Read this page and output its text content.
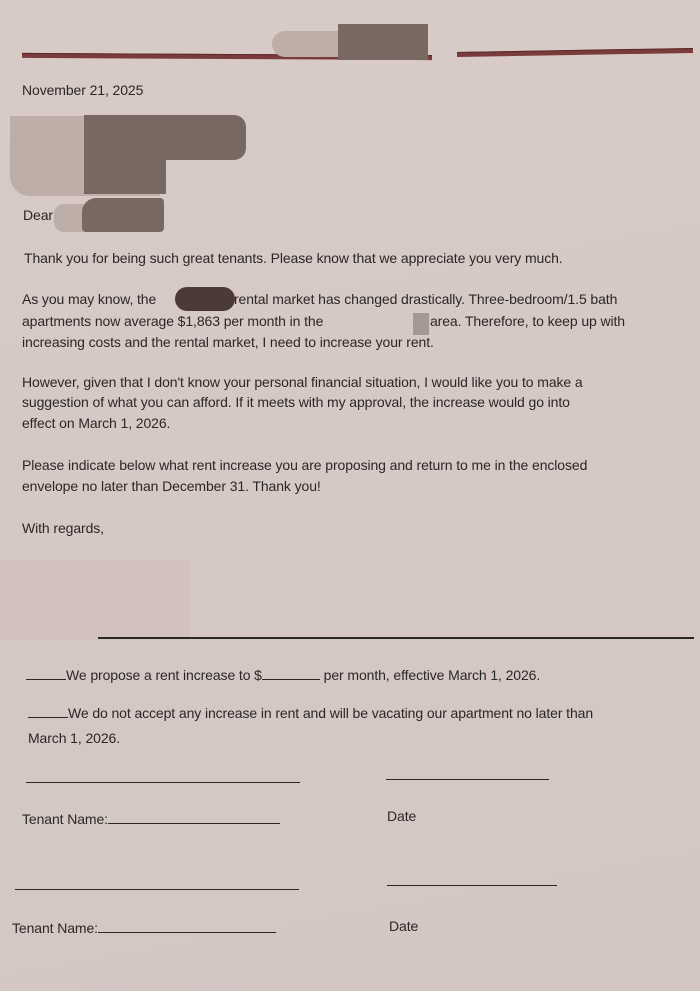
November 21, 2025
Dear
Thank you for being such great tenants. Please know that we appreciate you very much.
As you may know, the	rental market has changed drastically. Three-bedroom/1.5 bath
apartments now average $1,863 per month in the	area. Therefore, to keep up with
increasing costs and the rental market, I need to increase your rent.
However, given that I don't know your personal financial situation, I would like you to make a
suggestion of what you can afford. If it meets with my approval, the increase would go into
effect on March 1, 2026.
Please indicate below what rent increase you are proposing and return to me in the enclosed
envelope no later than December 31. Thank you!
With regards,
We propose a rent increase to $	per month, effective March 1, 2026.
We do not accept any increase in rent and will be vacating our apartment no later than
March 1, 2026.
Tenant Name:	Date
Tenant Name:	Date
